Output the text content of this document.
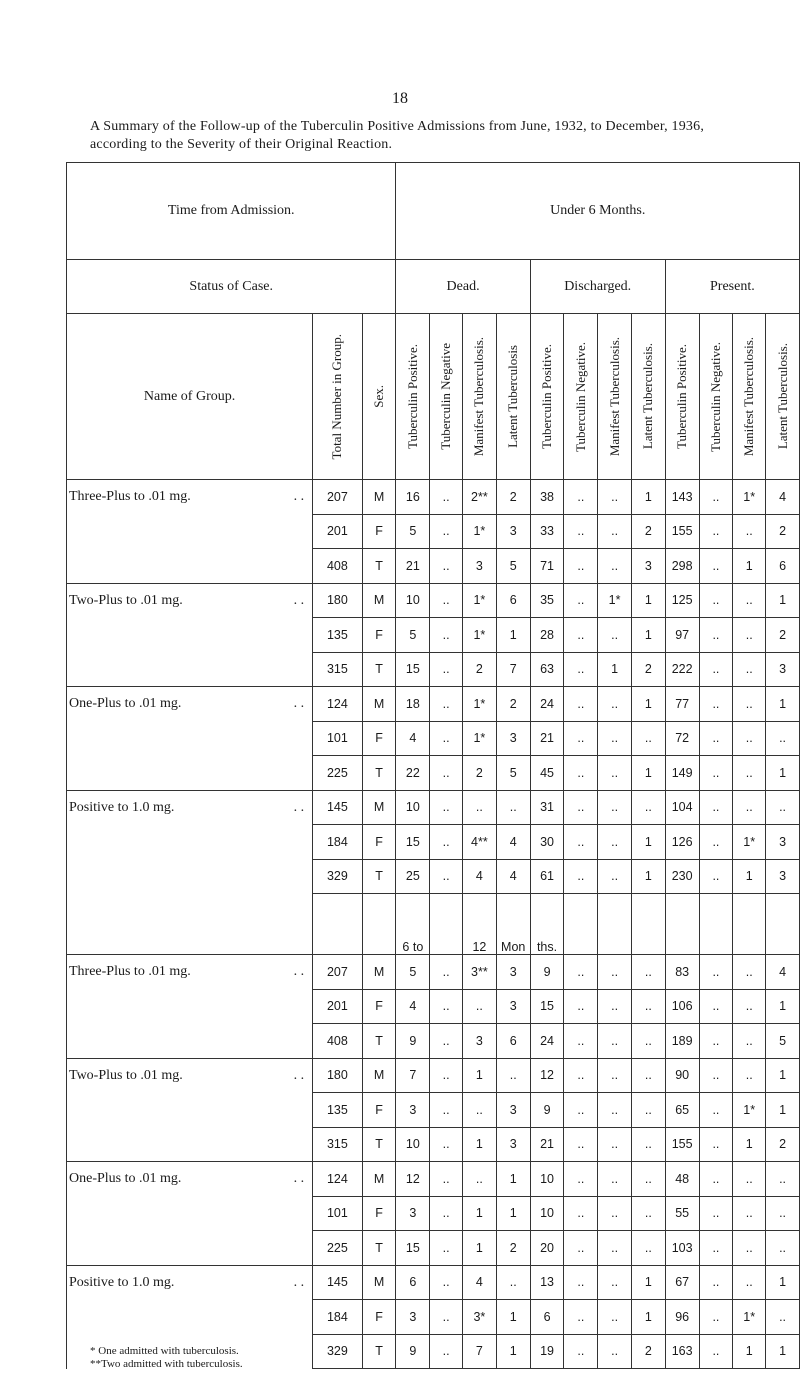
18
A Summary of the Follow-up of the Tuberculin Positive Admissions from June, 1932, to December, 1936, according to the Severity of their Original Reaction.
Time from Admission.			Under 6 Months.											
Status of Case.			Dead.				Discharged.				Present.			
Name of Group.	Total Number in Group.	Sex.	Tuberculin Positive.	Tuberculin Negative	Manifest Tuberculosis.	Latent Tuberculosis	Tuberculin Positive.	Tuberculin Negative.	Manifest Tuberculosis.	Latent Tuberculosis.	Tuberculin Positive.	Tuberculin Negative.	Manifest Tuberculosis.	Latent Tuberculosis.

Three-Plus to .01 mg. . .	207	M	16	..	2**	2	38	..	..	1	143	..	1*	4
	201	F	5	..	1*	3	33	..	..	2	155	..	..	2
	408	T	21	..	3	5	71	..	..	3	298	..	1	6
Two-Plus to .01 mg. . .	180	M	10	..	1*	6	35	..	1*	1	125	..	..	1
	135	F	5	..	1*	1	28	..	..	1	97	..	..	2
	315	T	15	..	2	7	63	..	1	2	222	..	..	3
One-Plus to .01 mg. . .	124	M	18	..	1*	2	24	..	..	1	77	..	..	1
	101	F	4	..	1*	3	21	..	..	..	72	..	..	..
	225	T	22	..	2	5	45	..	..	1	149	..	..	1
Positive to 1.0 mg. . .	145	M	10	..	..	..	31	..	..	..	104	..	..	..
	184	F	15	..	4**	4	30	..	..	1	126	..	1*	3
	329	T	25	..	4	4	61	..	..	1	230	..	1	3
			6 to		12	Mon	ths.							
Three-Plus to .01 mg. . .	207	M	5	..	3**	3	9	..	..	..	83	..	..	4
	201	F	4	..	..	3	15	..	..	..	106	..	..	1
	408	T	9	..	3	6	24	..	..	..	189	..	..	5
Two-Plus to .01 mg. . .	180	M	7	..	1	..	12	..	..	..	90	..	..	1
	135	F	3	..	..	3	9	..	..	..	65	..	1*	1
	315	T	10	..	1	3	21	..	..	..	155	..	1	2
One-Plus to .01 mg. . .	124	M	12	..	..	1	10	..	..	..	48	..	..	..
	101	F	3	..	1	1	10	..	..	..	55	..	..	..
	225	T	15	..	1	2	20	..	..	..	103	..	..	..
Positive to 1.0 mg. . .	145	M	6	..	4	..	13	..	..	1	67	..	..	1
	184	F	3	..	3*	1	6	..	..	1	96	..	1*	..
	329	T	9	..	7	1	19	..	..	2	163	..	1	1
* One admitted with tuberculosis.
**Two admitted with tuberculosis.
